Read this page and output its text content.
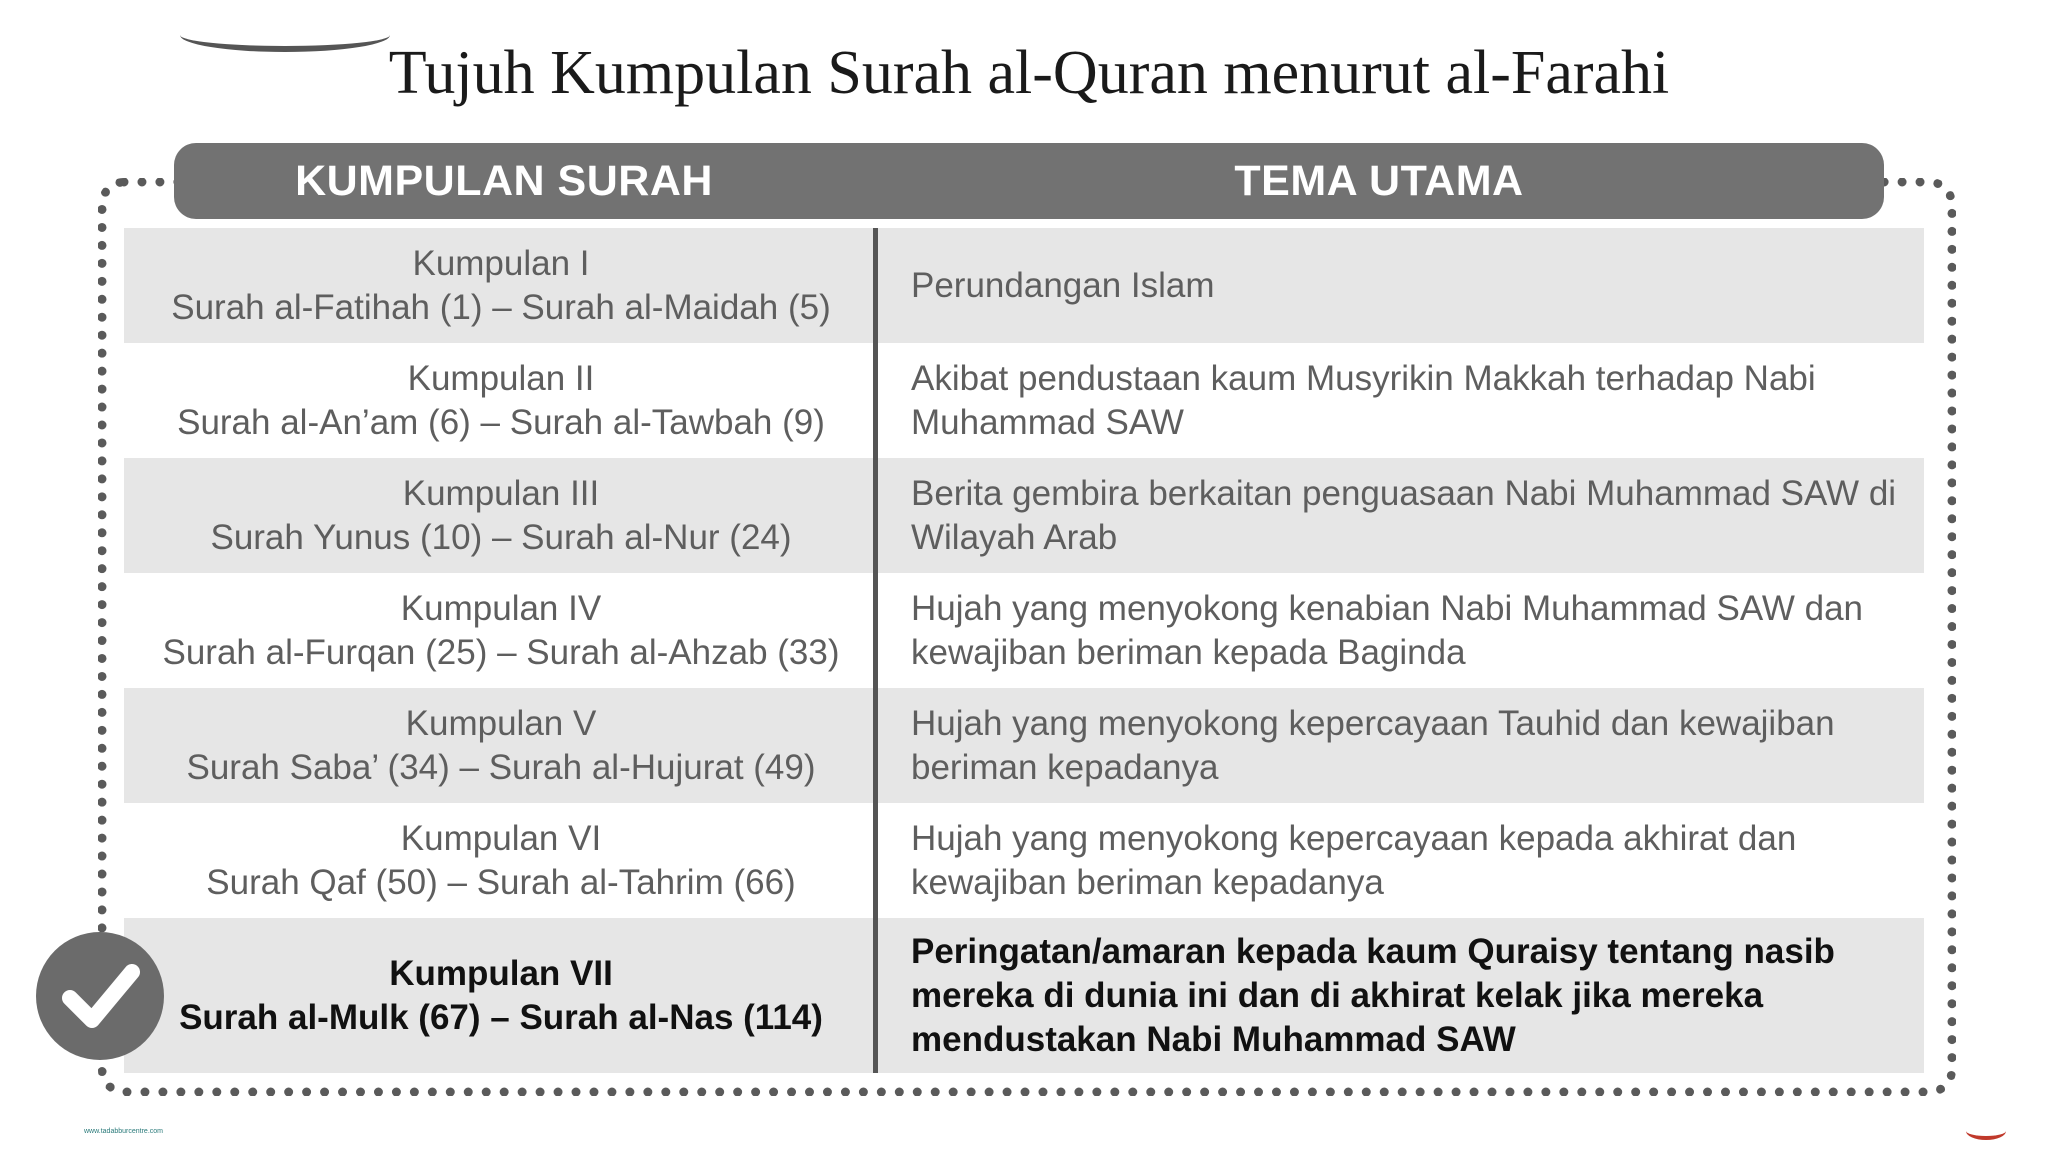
Tujuh Kumpulan Surah al-Quran menurut al-Farahi
KUMPULAN SURAH	TEMA UTAMA
Kumpulan I
Surah al-Fatihah (1) – Surah al-Maidah (5)
Perundangan Islam
Kumpulan II
Surah al-An’am (6) – Surah al-Tawbah (9)
Akibat pendustaan kaum Musyrikin Makkah terhadap Nabi Muhammad SAW
Kumpulan III
Surah Yunus (10) – Surah al-Nur (24)
Berita gembira berkaitan penguasaan Nabi Muhammad SAW di Wilayah Arab
Kumpulan IV
Surah al-Furqan (25) – Surah al-Ahzab (33)
Hujah yang menyokong kenabian Nabi Muhammad SAW dan kewajiban beriman kepada Baginda
Kumpulan V
Surah Saba’ (34) – Surah al-Hujurat (49)
Hujah yang menyokong kepercayaan Tauhid dan kewajiban beriman kepadanya
Kumpulan VI
Surah Qaf (50) – Surah al-Tahrim (66)
Hujah yang menyokong kepercayaan kepada akhirat dan kewajiban beriman kepadanya
Kumpulan VII
Surah al-Mulk (67) – Surah al-Nas (114)
Peringatan/amaran kepada kaum Quraisy tentang nasib mereka di dunia ini dan di akhirat kelak jika mereka mendustakan Nabi Muhammad SAW
www.tadabburcentre.com
